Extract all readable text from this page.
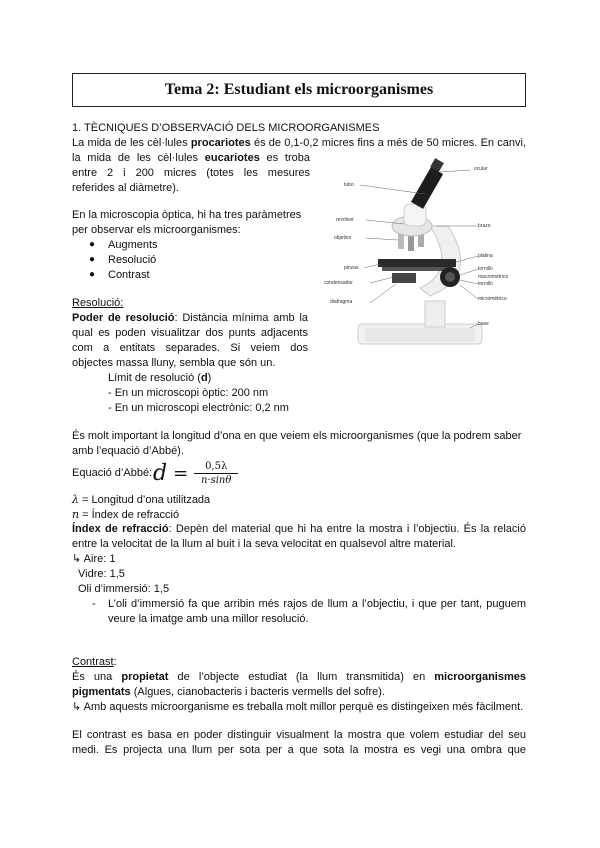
Tema 2: Estudiant els microorganismes
1. TÈCNIQUES D’OBSERVACIÓ DELS MICROORGANISMES
La mida de les cèl·lules procariotes és de 0,1-0,2 micres fins a més de 50 micres. En canvi,
la mida de les cèl·lules eucariotes es troba
entre 2 i 200 micres (totes les mesures
referides al diàmetre).
En la microscopia òptica, hi ha tres paràmetres
per observar els microorganismes:
● Augments
● Resolució
● Contrast
Resolució:
Poder de resolució: Distància mínima amb la
qual es poden visualitzar dos punts adjacents
com a entitats separades. Si veiem dos
objectes massa lluny, sembla que són un.
Límit de resolució (d)
- En un microscopi òptic: 200 nm
- En un microscopi electrònic: 0,2 nm
ocular
tubo
revólver
brazo
objetivo
platina
pinzas	tornillo
macrométrico
condensador	tornillo
diafragma	micrométrico
base
És molt important la longitud d’ona en que veiem els microorganismes (que la podrem saber
amb l’equació d’Abbé).
Equació d’Abbé: d = 0,5λ
n·sinθ
λ = Longitud d’ona utilitzada
n = Índex de refracció
Índex de refracció: Depèn del material que hi ha entre la mostra i l’objectiu. És la relació
entre la velocitat de la llum al buit i la seva velocitat en qualsevol altre material.
↳ Aire: 1
Vidre: 1,5
Oli d’immersió: 1,5
- L’oli d’immersió fa que arribin més rajos de llum a l’objectiu, i que per tant, puguem
veure la imatge amb una millor resolució.
Contrast:
És una propietat de l’objecte estudiat (la llum transmitida) en microorganismes
pigmentats (Algues, cianobacteris i bacteris vermells del sofre).
↳ Amb aquests microorganisme es treballa molt millor perquè es distingeixen més fàcilment.
El contrast es basa en poder distinguir visualment la mostra que volem estudiar del seu
medi. Es projecta una llum per sota per a que sota la mostra es vegi una ombra que
